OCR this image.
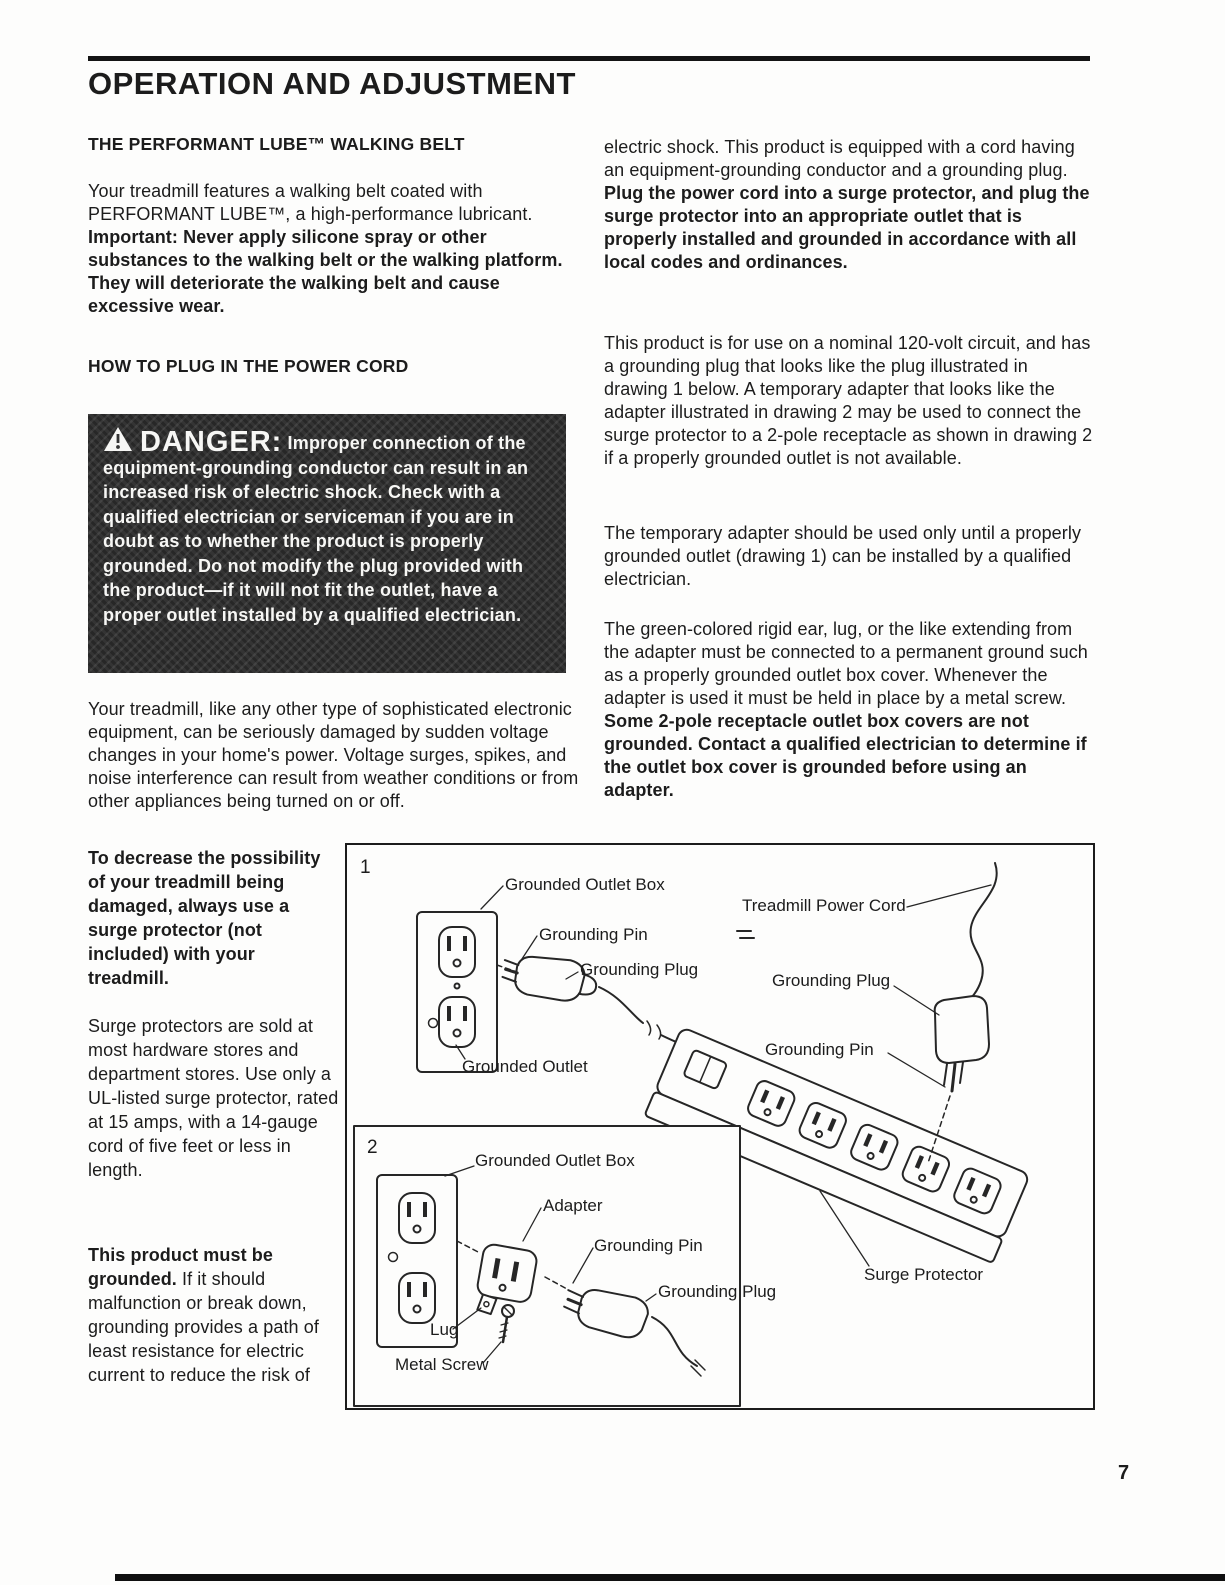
OPERATION AND ADJUSTMENT
THE PERFORMANT LUBE™ WALKING BELT
Your treadmill features a walking belt coated with PERFORMANT LUBE™, a high-performance lubricant. Important: Never apply silicone spray or other substances to the walking belt or the walking platform. They will deteriorate the walking belt and cause excessive wear.
HOW TO PLUG IN THE POWER CORD
DANGER: Improper connection of the equipment-grounding conductor can result in an increased risk of electric shock. Check with a qualified electrician or serviceman if you are in doubt as to whether the product is properly grounded. Do not modify the plug provided with the product—if it will not fit the outlet, have a proper outlet installed by a qualified electrician.
Your treadmill, like any other type of sophisticated electronic equipment, can be seriously damaged by sudden voltage changes in your home's power. Voltage surges, spikes, and noise interference can result from weather conditions or from other appliances being turned on or off.
To decrease the possibility of your treadmill being damaged, always use a surge protector (not included) with your treadmill.
Surge protectors are sold at most hardware stores and department stores. Use only a UL-listed surge protector, rated at 15 amps, with a 14-gauge cord of five feet or less in length.
This product must be grounded. If it should malfunction or break down, grounding provides a path of least resistance for electric current to reduce the risk of
electric shock. This product is equipped with a cord having an equipment-grounding conductor and a grounding plug. Plug the power cord into a surge protector, and plug the surge protector into an appropriate outlet that is properly installed and grounded in accordance with all local codes and ordinances.
This product is for use on a nominal 120-volt circuit, and has a grounding plug that looks like the plug illustrated in drawing 1 below. A temporary adapter that looks like the adapter illustrated in drawing 2 may be used to connect the surge protector to a 2-pole receptacle as shown in drawing 2 if a properly grounded outlet is not available.
The temporary adapter should be used only until a properly grounded outlet (drawing 1) can be installed by a qualified electrician.
The green-colored rigid ear, lug, or the like extending from the adapter must be connected to a permanent ground such as a properly grounded outlet box cover. Whenever the adapter is used it must be held in place by a metal screw. Some 2-pole receptacle outlet box covers are not grounded. Contact a qualified electrician to determine if the outlet box cover is grounded before using an adapter.
1
2
Grounded Outlet Box
Treadmill Power Cord
Grounding Pin
Grounding Plug
Grounding Plug
Grounding Pin
Grounded Outlet
Surge Protector
Grounded Outlet Box
Adapter
Grounding Pin
Grounding Plug
Lug
Metal Screw
7
